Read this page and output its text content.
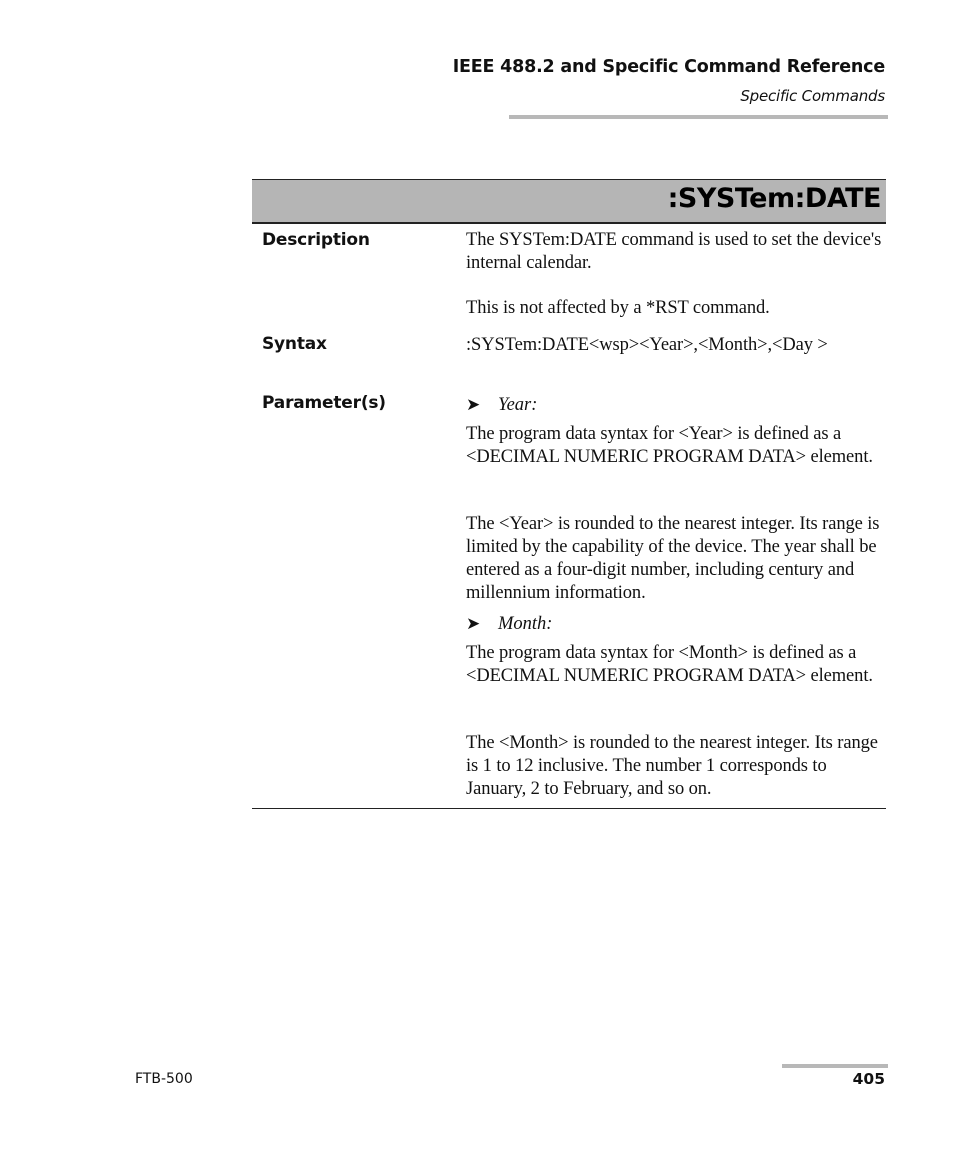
IEEE 488.2 and Specific Command Reference
Specific Commands
:SYSTem:DATE
Description	The SYSTem:DATE command is used to set the device's internal calendar.
This is not affected by a *RST command.
Syntax	:SYSTem:DATE<wsp><Year>,<Month>,<Day >
Parameter(s)	➤ Year:
The program data syntax for <Year> is defined as a <DECIMAL NUMERIC PROGRAM DATA> element.
The <Year> is rounded to the nearest integer. Its range is limited by the capability of the device. The year shall be entered as a four-digit number, including century and millennium information.
➤ Month:
The program data syntax for <Month> is defined as a <DECIMAL NUMERIC PROGRAM DATA> element.
The <Month> is rounded to the nearest integer. Its range is 1 to 12 inclusive. The number 1 corresponds to January, 2 to February, and so on.
FTB-500	405
